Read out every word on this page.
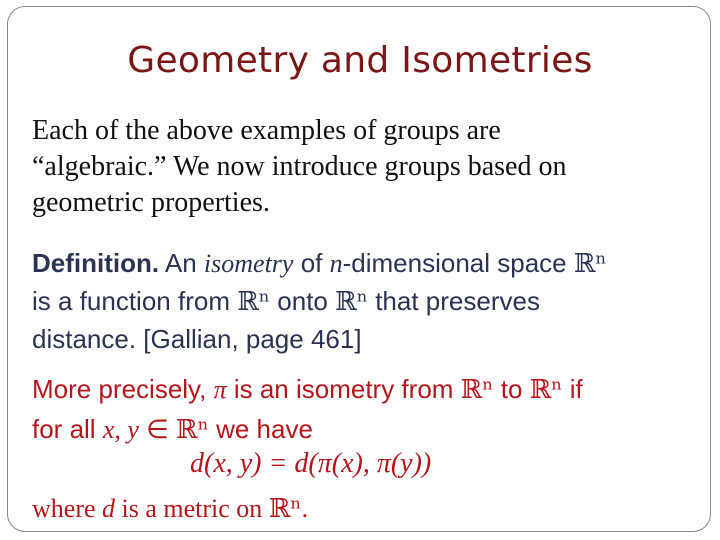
Geometry and Isometries
Each of the above examples of groups are
“algebraic.” We now introduce groups based on
geometric properties.
Definition. An isometry of n-dimensional space ℝⁿ
is a function from ℝⁿ onto ℝⁿ that preserves
distance. [Gallian, page 461]
More precisely, π is an isometry from ℝⁿ to ℝⁿ if
for all x, y ∈ ℝⁿ we have
d(x, y) = d(π(x), π(y))
where d is a metric on ℝⁿ.
